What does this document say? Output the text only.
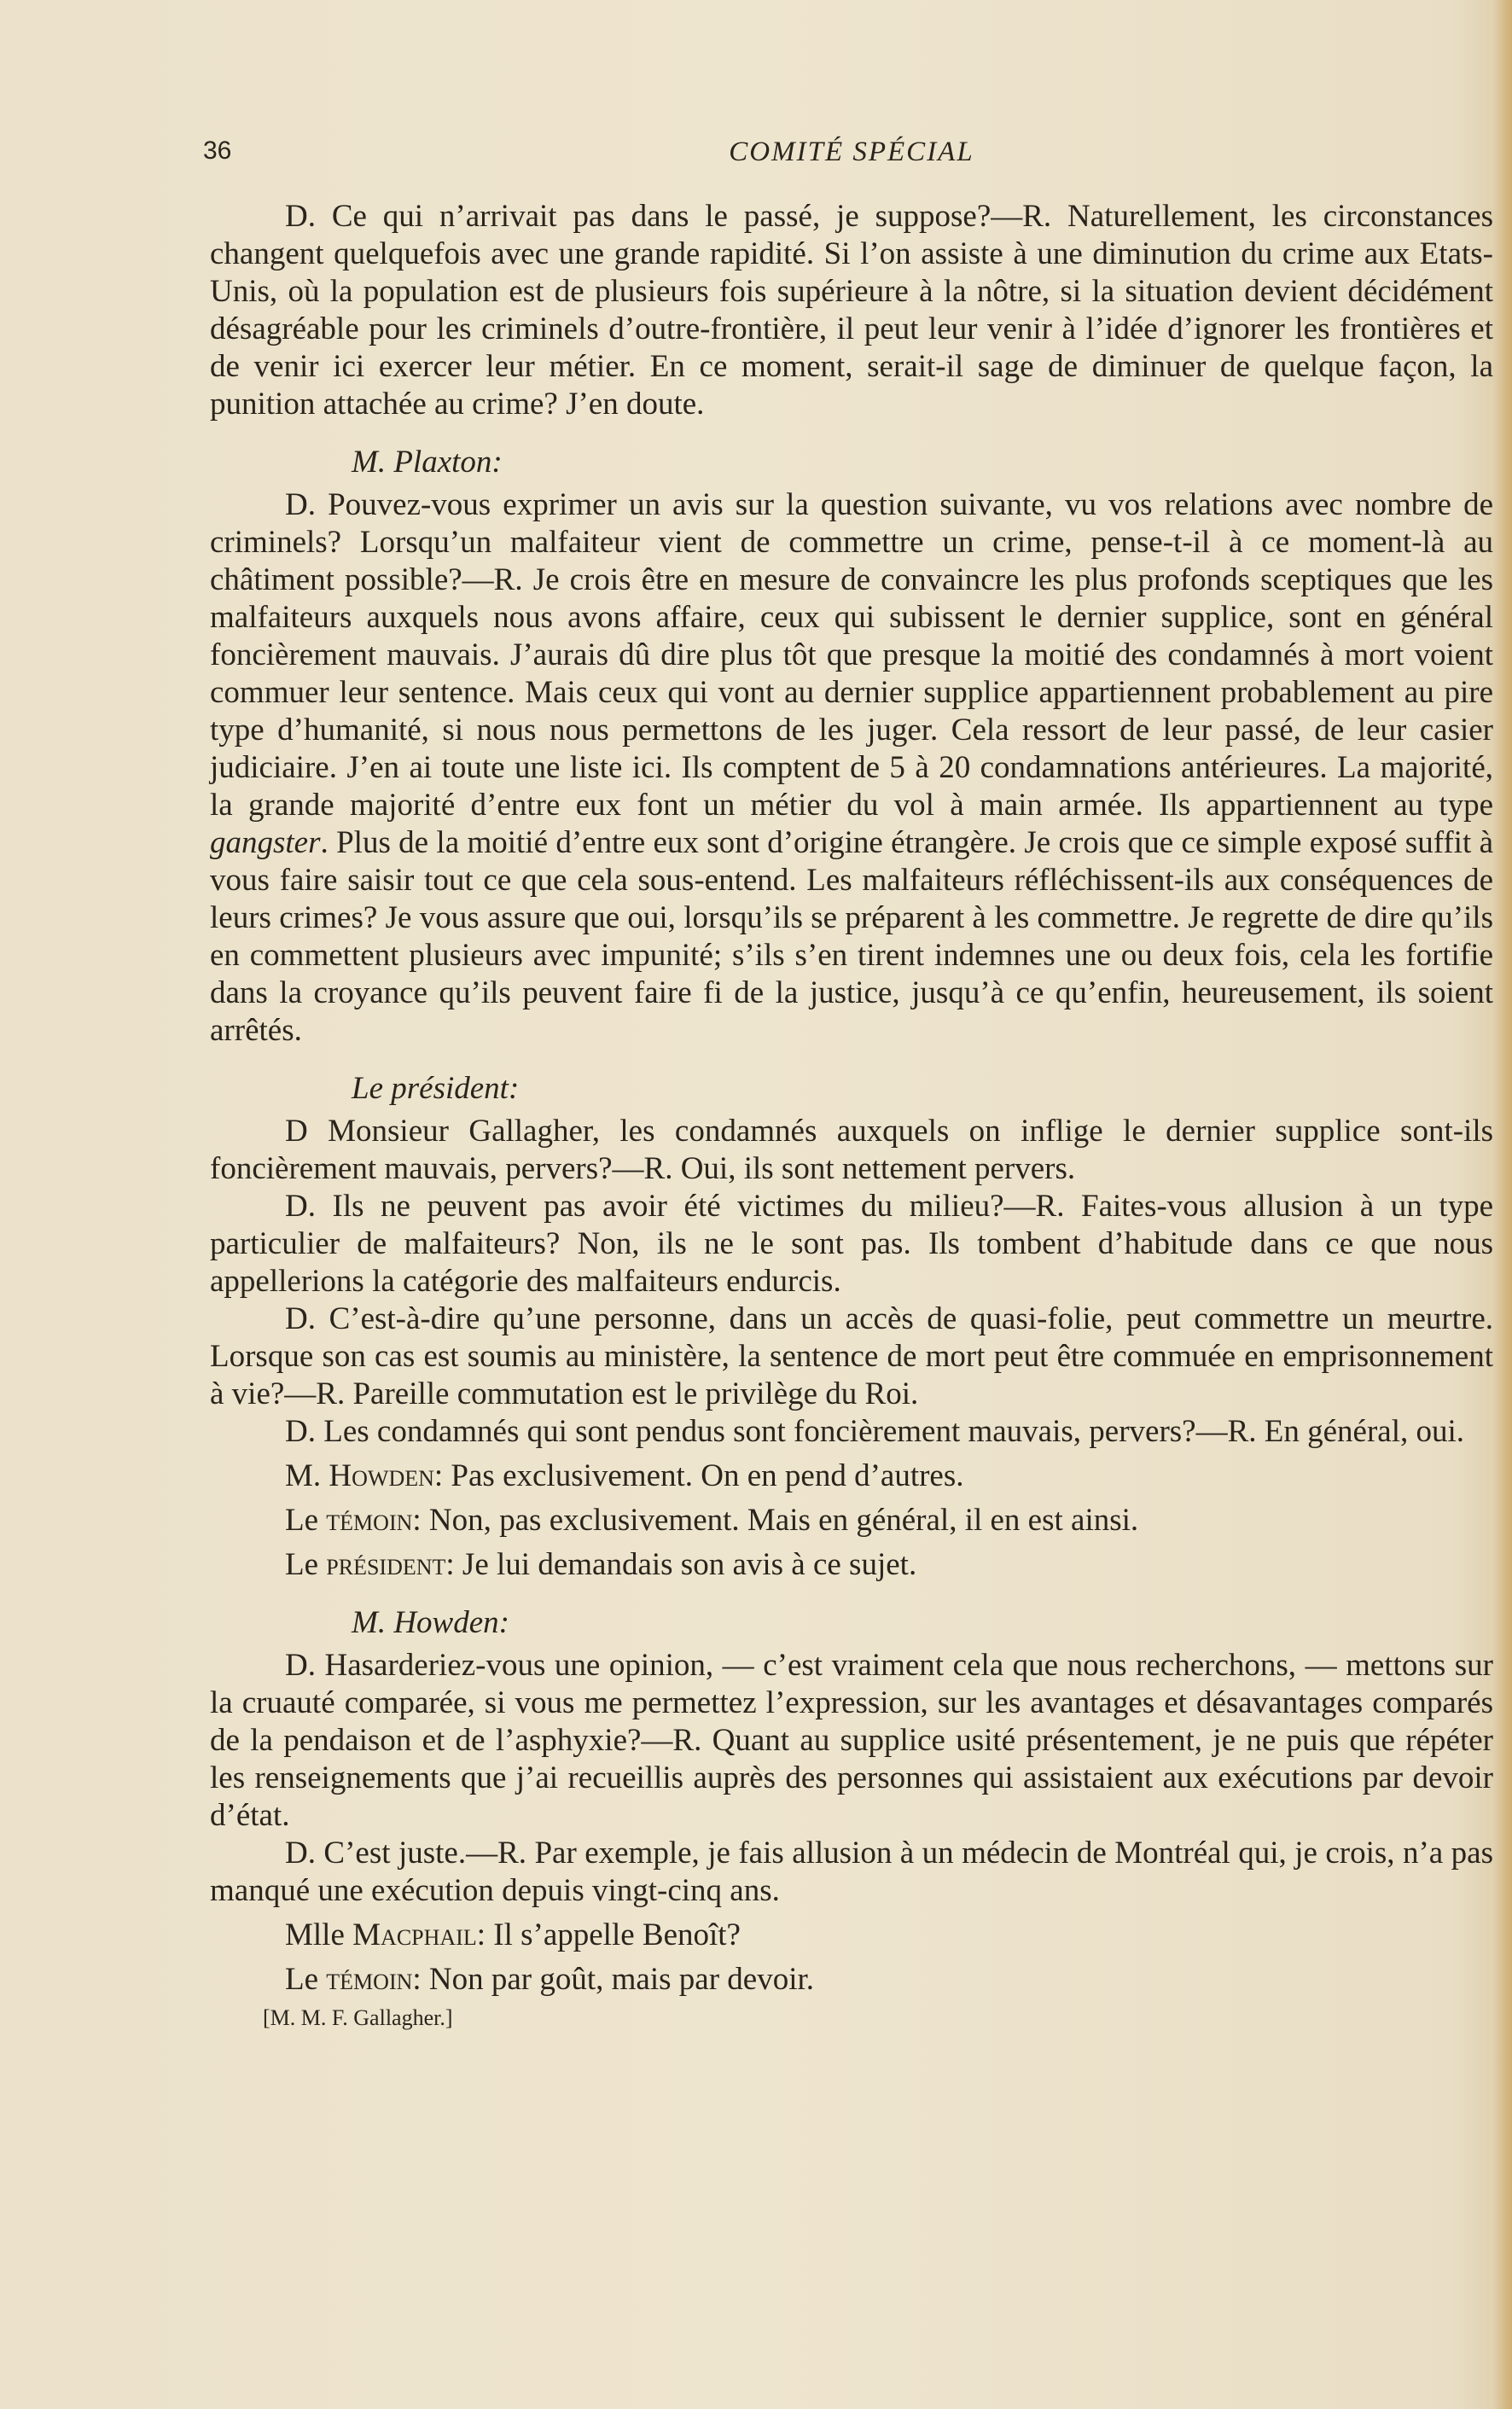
36	COMITÉ SPÉCIAL

D. Ce qui n’arrivait pas dans le passé, je suppose?—R. Naturellement, les circonstances changent quelquefois avec une grande rapidité. Si l’on assiste à une diminution du crime aux Etats-Unis, où la population est de plusieurs fois supérieure à la nôtre, si la situation devient décidément désagréable pour les criminels d’outre-frontière, il peut leur venir à l’idée d’ignorer les frontières et de venir ici exercer leur métier. En ce moment, serait-il sage de diminuer de quelque façon, la punition attachée au crime? J’en doute.

M. Plaxton:

D. Pouvez-vous exprimer un avis sur la question suivante, vu vos relations avec nombre de criminels? Lorsqu’un malfaiteur vient de commettre un crime, pense-t-il à ce moment-là au châtiment possible?—R. Je crois être en mesure de convaincre les plus profonds sceptiques que les malfaiteurs auxquels nous avons affaire, ceux qui subissent le dernier supplice, sont en général foncièrement mauvais. J’aurais dû dire plus tôt que presque la moitié des condamnés à mort voient commuer leur sentence. Mais ceux qui vont au dernier supplice appartiennent probablement au pire type d’humanité, si nous nous permettons de les juger. Cela ressort de leur passé, de leur casier judiciaire. J’en ai toute une liste ici. Ils comptent de 5 à 20 condamnations antérieures. La majorité, la grande majorité d’entre eux font un métier du vol à main armée. Ils appartiennent au type gangster. Plus de la moitié d’entre eux sont d’origine étrangère. Je crois que ce simple exposé suffit à vous faire saisir tout ce que cela sous-entend. Les malfaiteurs réfléchissent-ils aux conséquences de leurs crimes? Je vous assure que oui, lorsqu’ils se préparent à les commettre. Je regrette de dire qu’ils en commettent plusieurs avec impunité; s’ils s’en tirent indemnes une ou deux fois, cela les fortifie dans la croyance qu’ils peuvent faire fi de la justice, jusqu’à ce qu’enfin, heureusement, ils soient arrêtés.

Le président:

D Monsieur Gallagher, les condamnés auxquels on inflige le dernier supplice sont-ils foncièrement mauvais, pervers?—R. Oui, ils sont nettement pervers.

D. Ils ne peuvent pas avoir été victimes du milieu?—R. Faites-vous allusion à un type particulier de malfaiteurs? Non, ils ne le sont pas. Ils tombent d’habitude dans ce que nous appellerions la catégorie des malfaiteurs endurcis.

D. C’est-à-dire qu’une personne, dans un accès de quasi-folie, peut commettre un meurtre. Lorsque son cas est soumis au ministère, la sentence de mort peut être commuée en emprisonnement à vie?—R. Pareille commutation est le privilège du Roi.

D. Les condamnés qui sont pendus sont foncièrement mauvais, pervers?—R. En général, oui.

M. Howden: Pas exclusivement. On en pend d’autres.

Le témoin: Non, pas exclusivement. Mais en général, il en est ainsi.

Le président: Je lui demandais son avis à ce sujet.

M. Howden:

D. Hasarderiez-vous une opinion, — c’est vraiment cela que nous recherchons, — mettons sur la cruauté comparée, si vous me permettez l’expression, sur les avantages et désavantages comparés de la pendaison et de l’asphyxie?—R. Quant au supplice usité présentement, je ne puis que répéter les renseignements que j’ai recueillis auprès des personnes qui assistaient aux exécutions par devoir d’état.

D. C’est juste.—R. Par exemple, je fais allusion à un médecin de Montréal qui, je crois, n’a pas manqué une exécution depuis vingt-cinq ans.

Mlle Macphail: Il s’appelle Benoît?

Le témoin: Non par goût, mais par devoir.

[M. M. F. Gallagher.]
